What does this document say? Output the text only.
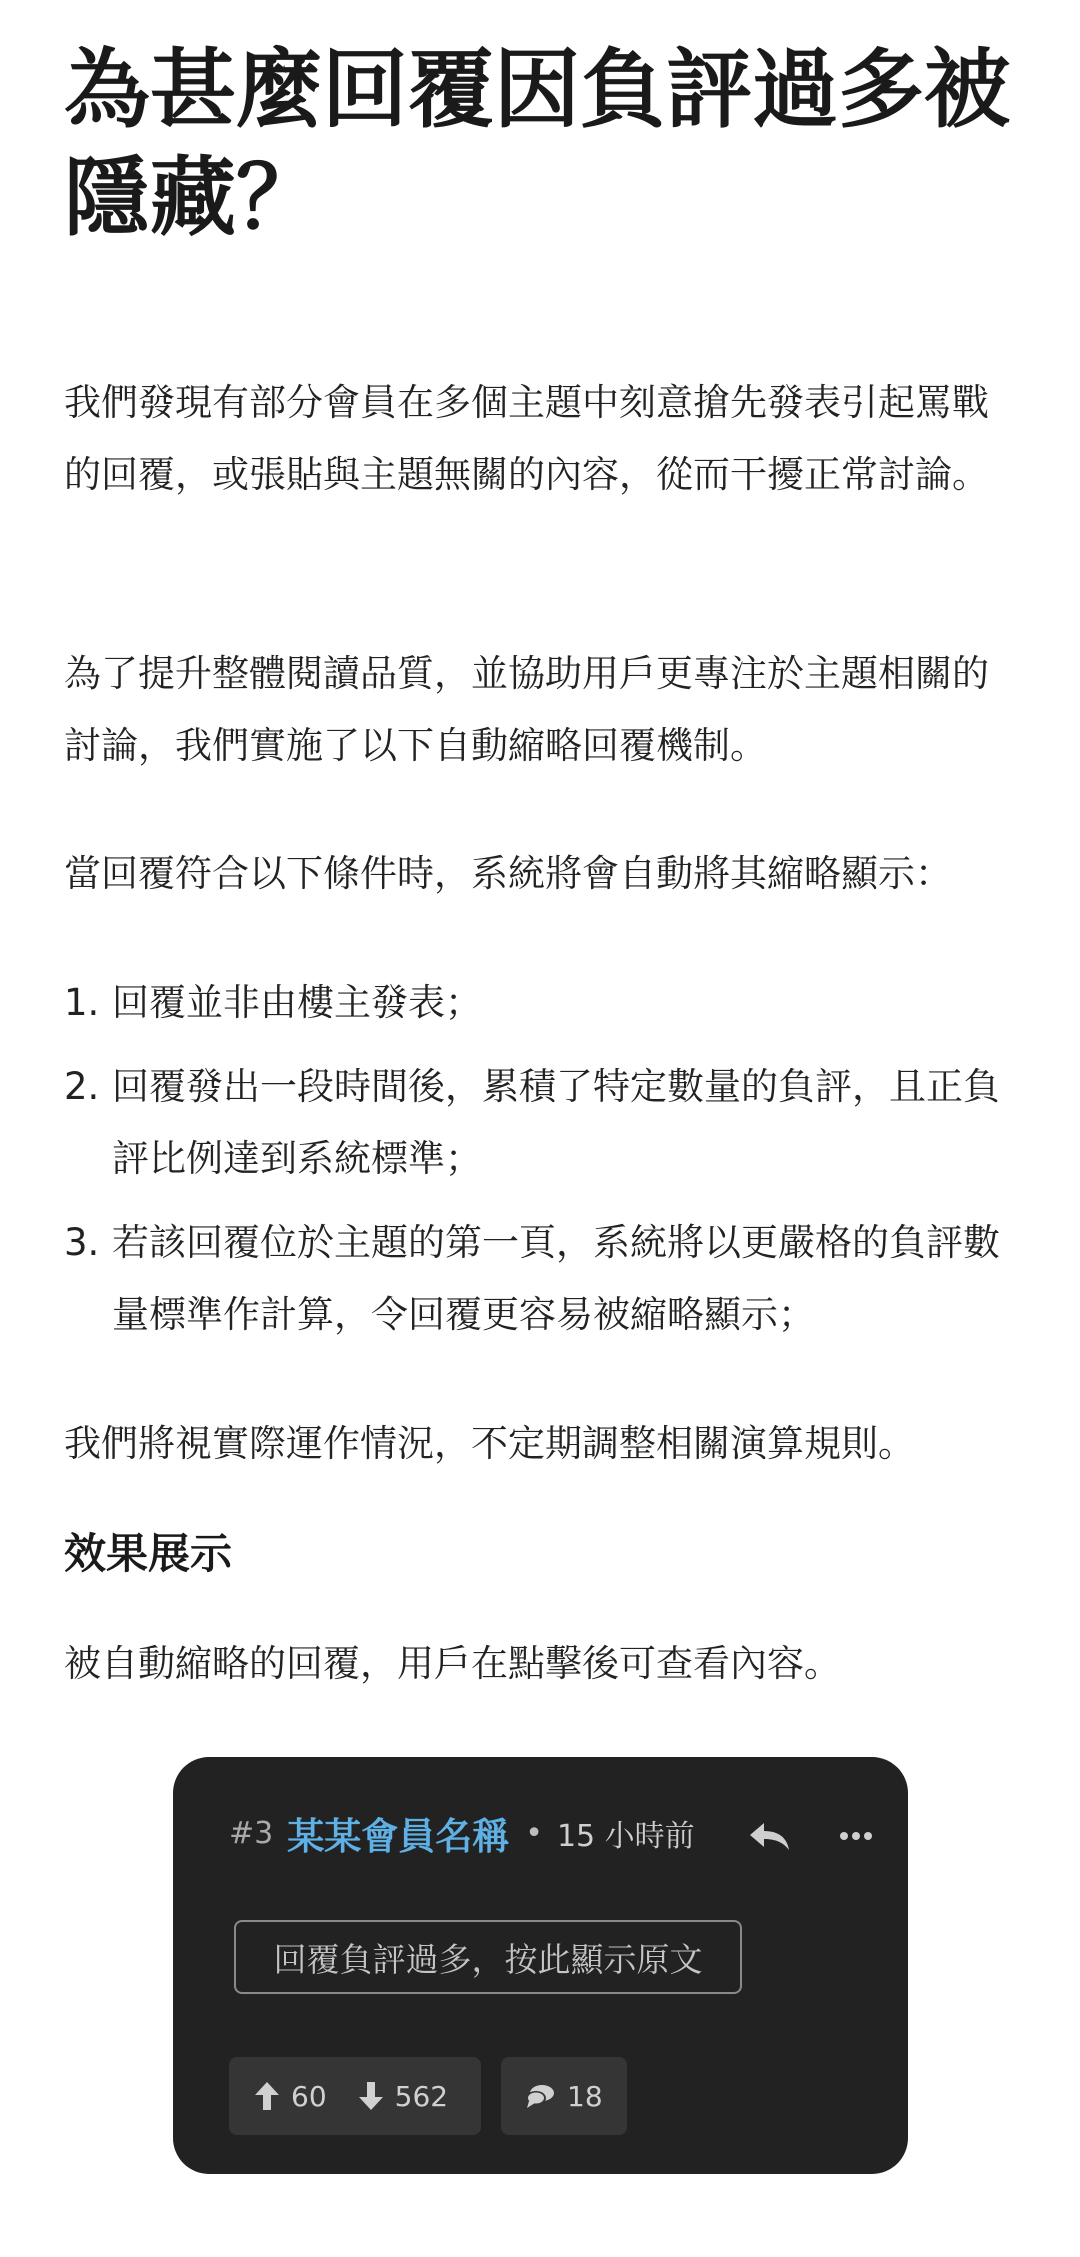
為甚麼回覆因負評過多被隱藏？

我們發現有部分會員在多個主題中刻意搶先發表引起罵戰的回覆，或張貼與主題無關的內容，從而干擾正常討論。

為了提升整體閱讀品質，並協助用戶更專注於主題相關的討論，我們實施了以下自動縮略回覆機制。

當回覆符合以下條件時，系統將會自動將其縮略顯示：

1. 回覆並非由樓主發表；
2. 回覆發出一段時間後，累積了特定數量的負評，且正負評比例達到系統標準；
3. 若該回覆位於主題的第一頁，系統將以更嚴格的負評數量標準作計算，令回覆更容易被縮略顯示；

我們將視實際運作情況，不定期調整相關演算規則。

效果展示

被自動縮略的回覆，用戶在點擊後可查看內容。

#3 某某會員名稱 • 15 小時前
回覆負評過多，按此顯示原文
60 562	18
